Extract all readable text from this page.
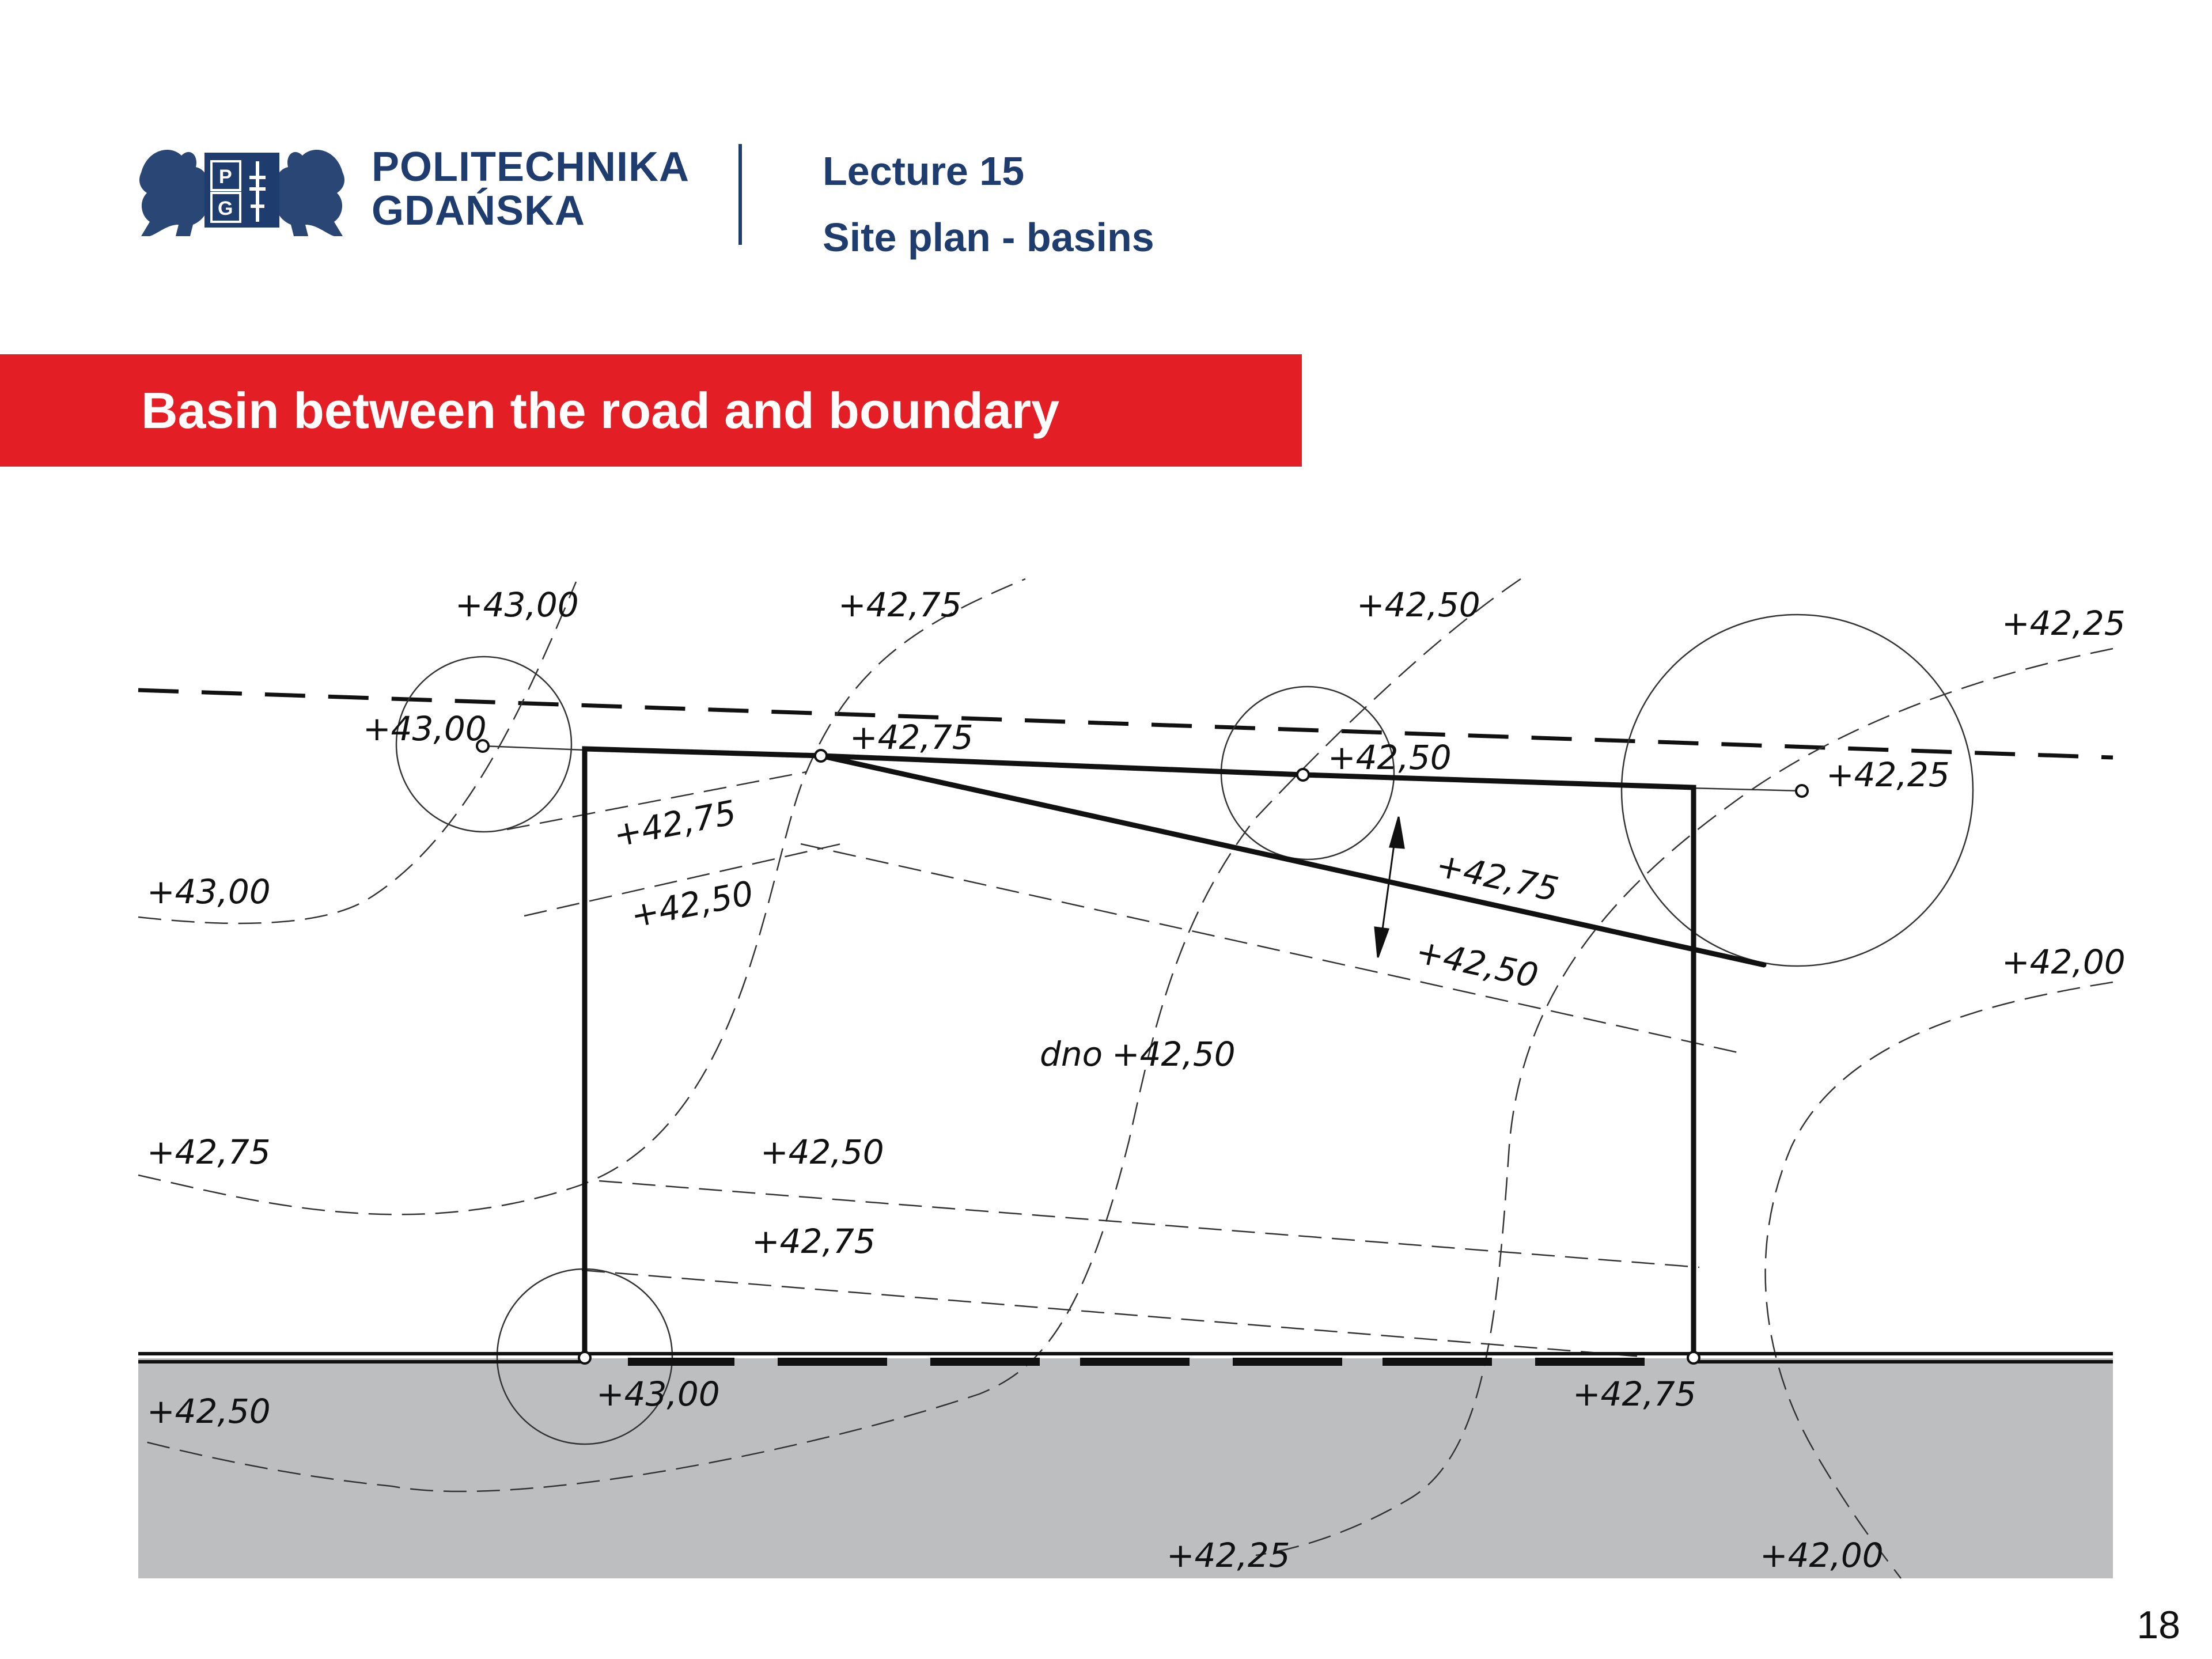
P
G
POLITECHNIKA
GDAŃSKA
Lecture 15
Site plan - basins
Basin between the road and boundary
+43,00	+42,75	+42,50	+42,25
+43,00
+42,75
+42,50
+42,00
+42,25	+42,00
+43,00	+42,75
+42,50	+42,25
+43,00	+42,75
+42,75
+42,50	+42,75
+42,50
+42,50
+42,75
dno +42,50
18
